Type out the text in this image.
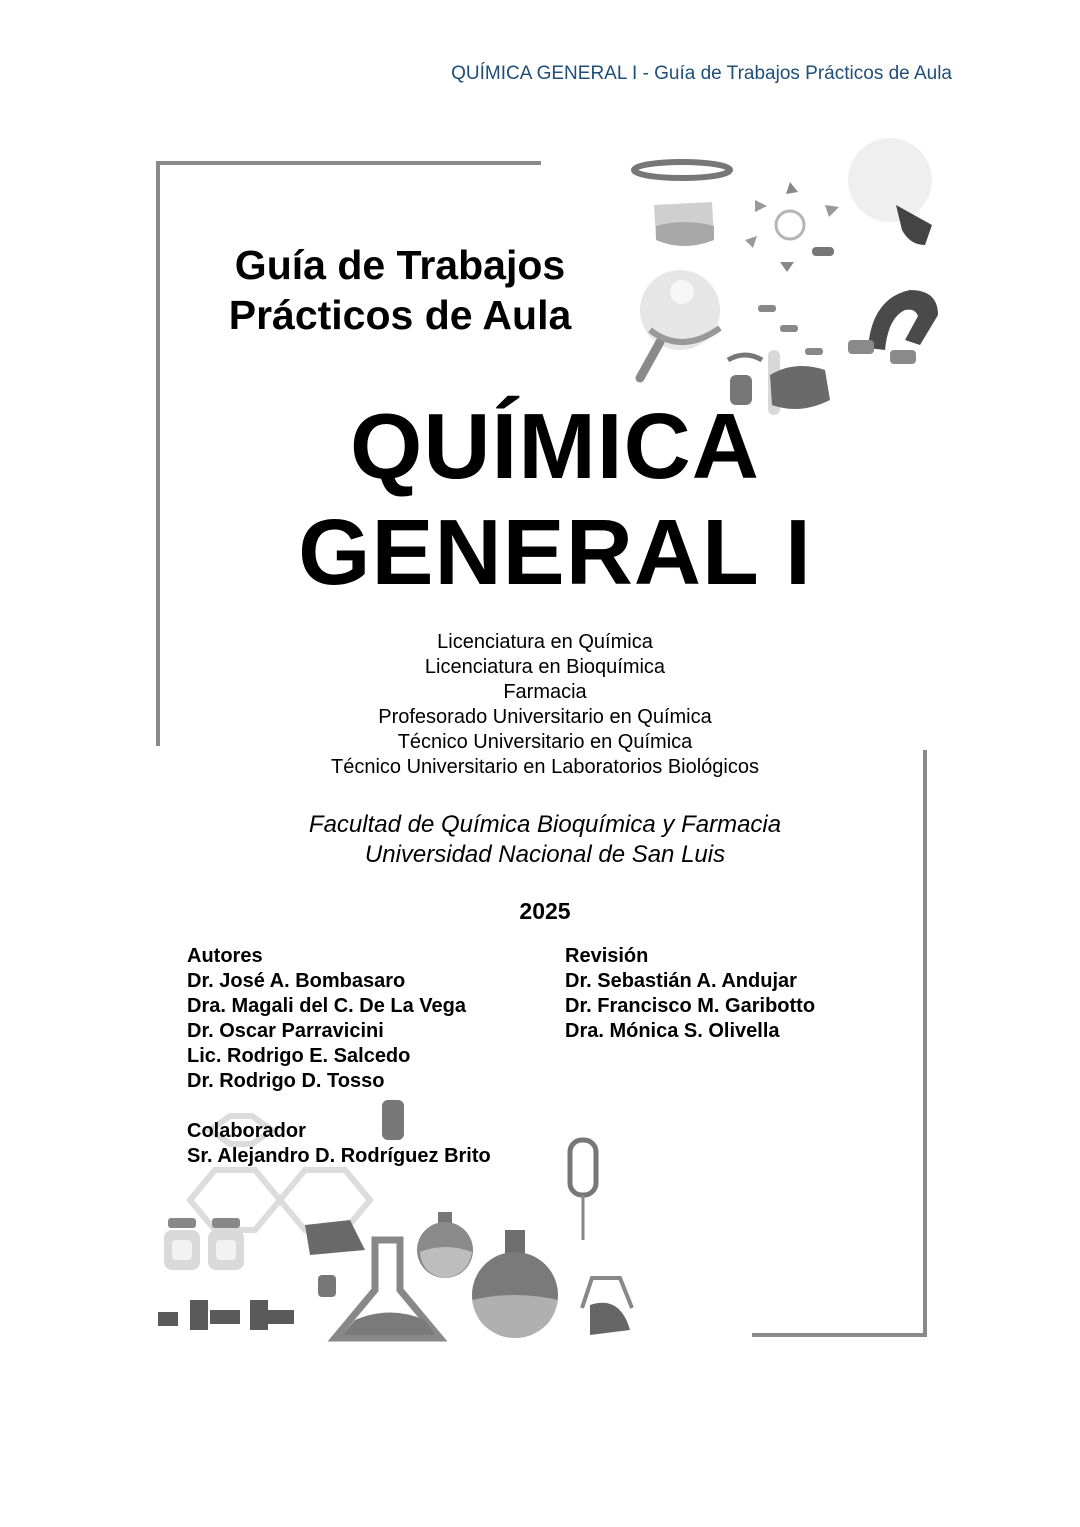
QUÍMICA GENERAL I - Guía de Trabajos Prácticos de Aula
Guía de Trabajos
Prácticos de Aula
QUÍMICA
GENERAL I
Licenciatura en Química
Licenciatura en Bioquímica
Farmacia
Profesorado Universitario en Química
Técnico Universitario en Química
Técnico Universitario en Laboratorios Biológicos
Facultad de Química Bioquímica y Farmacia
Universidad Nacional de San Luis
2025
Autores
Dr. José A. Bombasaro
Dra. Magali del C. De La Vega
Dr. Oscar Parravicini
Lic. Rodrigo E. Salcedo
Dr. Rodrigo D. Tosso
Colaborador
Sr. Alejandro D. Rodríguez Brito
Revisión
Dr. Sebastián A. Andujar
Dr. Francisco M. Garibotto
Dra. Mónica S. Olivella
